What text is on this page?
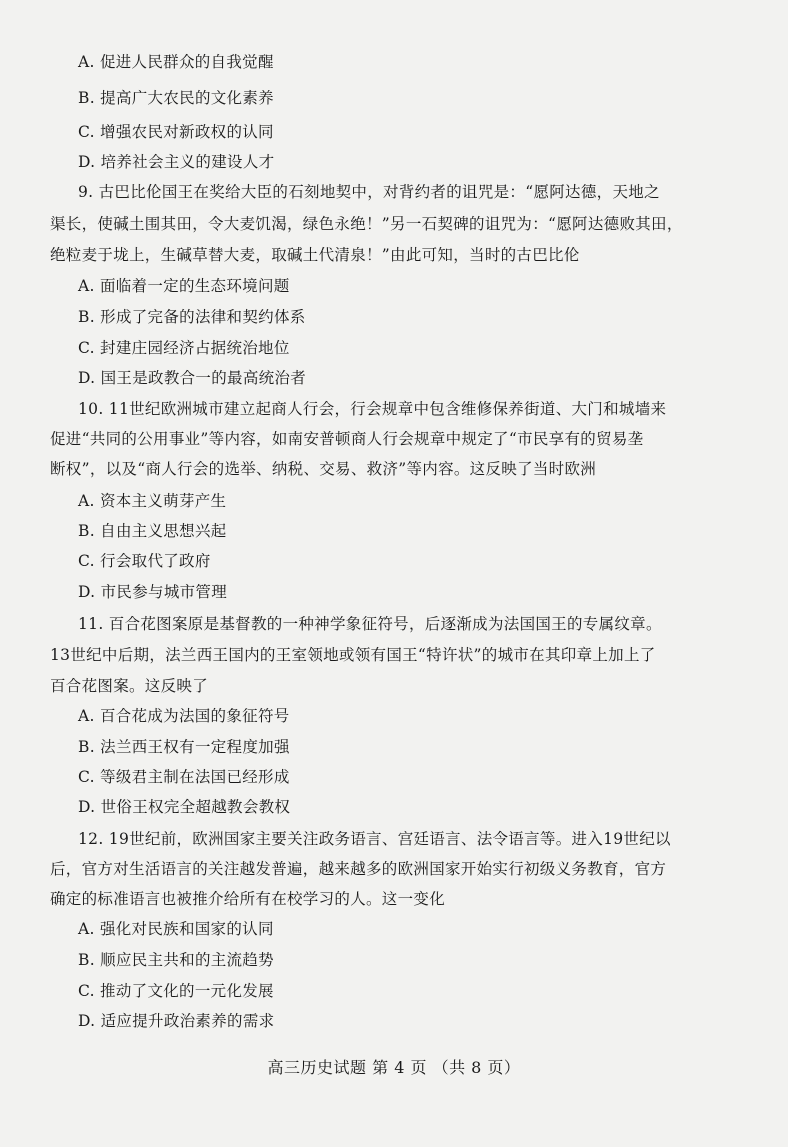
A. 促进人民群众的自我觉醒
B. 提高广大农民的文化素养
C. 增强农民对新政权的认同
D. 培养社会主义的建设人才
9. 古巴比伦国王在奖给大臣的石刻地契中，对背约者的诅咒是：“愿阿达德，天地之
渠长，使碱土围其田，令大麦饥渴，绿色永绝！”另一石契碑的诅咒为：“愿阿达德败其田，
绝粒麦于垅上，生碱草替大麦，取碱土代清泉！”由此可知，当时的古巴比伦
A. 面临着一定的生态环境问题
B. 形成了完备的法律和契约体系
C. 封建庄园经济占据统治地位
D. 国王是政教合一的最高统治者
10. 11世纪欧洲城市建立起商人行会，行会规章中包含维修保养街道、大门和城墙来
促进“共同的公用事业”等内容，如南安普顿商人行会规章中规定了“市民享有的贸易垄
断权”，以及“商人行会的选举、纳税、交易、救济”等内容。这反映了当时欧洲
A. 资本主义萌芽产生
B. 自由主义思想兴起
C. 行会取代了政府
D. 市民参与城市管理
11. 百合花图案原是基督教的一种神学象征符号，后逐渐成为法国国王的专属纹章。
13世纪中后期，法兰西王国内的王室领地或领有国王“特许状”的城市在其印章上加上了
百合花图案。这反映了
A. 百合花成为法国的象征符号
B. 法兰西王权有一定程度加强
C. 等级君主制在法国已经形成
D. 世俗王权完全超越教会教权
12. 19世纪前，欧洲国家主要关注政务语言、宫廷语言、法令语言等。进入19世纪以
后，官方对生活语言的关注越发普遍，越来越多的欧洲国家开始实行初级义务教育，官方
确定的标准语言也被推介给所有在校学习的人。这一变化
A. 强化对民族和国家的认同
B. 顺应民主共和的主流趋势
C. 推动了文化的一元化发展
D. 适应提升政治素养的需求
高三历史试题 第 4 页 （共 8 页）
